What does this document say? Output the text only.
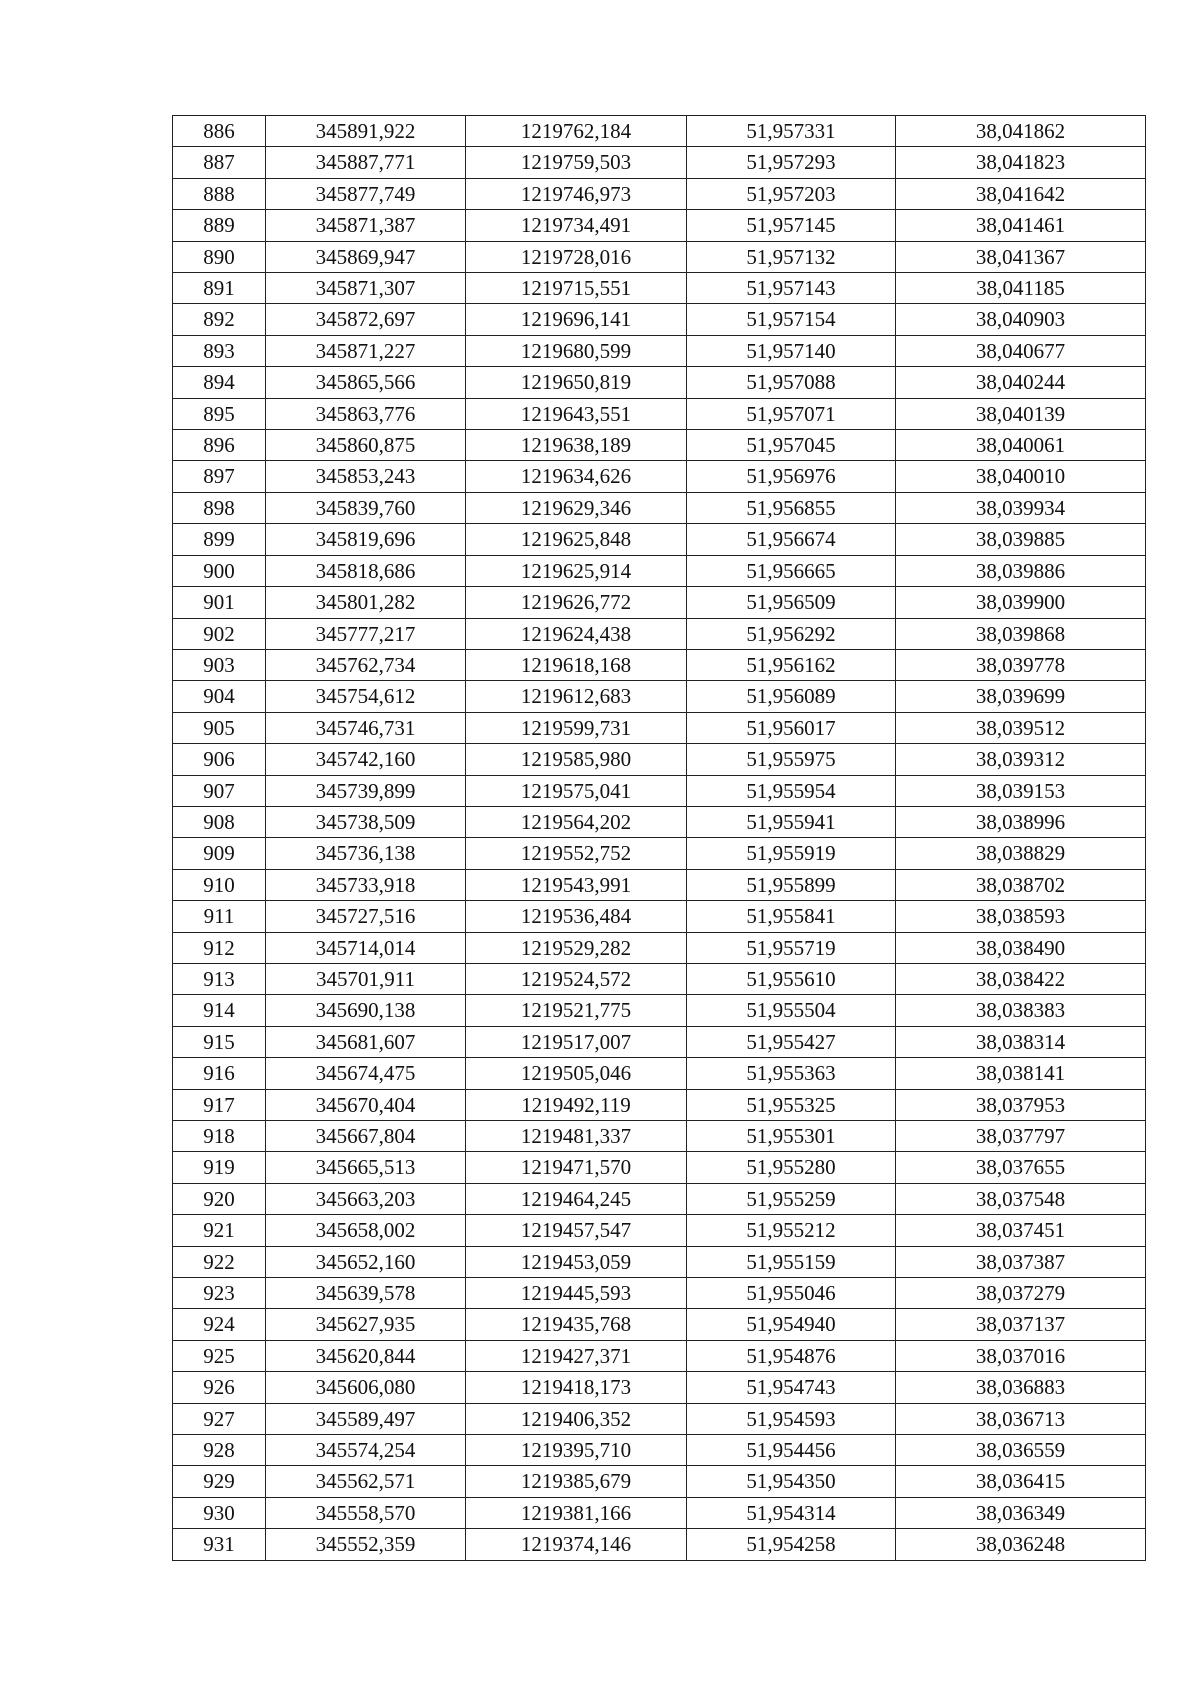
886	345891,922	1219762,184	51,957331	38,041862
887	345887,771	1219759,503	51,957293	38,041823
888	345877,749	1219746,973	51,957203	38,041642
889	345871,387	1219734,491	51,957145	38,041461
890	345869,947	1219728,016	51,957132	38,041367
891	345871,307	1219715,551	51,957143	38,041185
892	345872,697	1219696,141	51,957154	38,040903
893	345871,227	1219680,599	51,957140	38,040677
894	345865,566	1219650,819	51,957088	38,040244
895	345863,776	1219643,551	51,957071	38,040139
896	345860,875	1219638,189	51,957045	38,040061
897	345853,243	1219634,626	51,956976	38,040010
898	345839,760	1219629,346	51,956855	38,039934
899	345819,696	1219625,848	51,956674	38,039885
900	345818,686	1219625,914	51,956665	38,039886
901	345801,282	1219626,772	51,956509	38,039900
902	345777,217	1219624,438	51,956292	38,039868
903	345762,734	1219618,168	51,956162	38,039778
904	345754,612	1219612,683	51,956089	38,039699
905	345746,731	1219599,731	51,956017	38,039512
906	345742,160	1219585,980	51,955975	38,039312
907	345739,899	1219575,041	51,955954	38,039153
908	345738,509	1219564,202	51,955941	38,038996
909	345736,138	1219552,752	51,955919	38,038829
910	345733,918	1219543,991	51,955899	38,038702
911	345727,516	1219536,484	51,955841	38,038593
912	345714,014	1219529,282	51,955719	38,038490
913	345701,911	1219524,572	51,955610	38,038422
914	345690,138	1219521,775	51,955504	38,038383
915	345681,607	1219517,007	51,955427	38,038314
916	345674,475	1219505,046	51,955363	38,038141
917	345670,404	1219492,119	51,955325	38,037953
918	345667,804	1219481,337	51,955301	38,037797
919	345665,513	1219471,570	51,955280	38,037655
920	345663,203	1219464,245	51,955259	38,037548
921	345658,002	1219457,547	51,955212	38,037451
922	345652,160	1219453,059	51,955159	38,037387
923	345639,578	1219445,593	51,955046	38,037279
924	345627,935	1219435,768	51,954940	38,037137
925	345620,844	1219427,371	51,954876	38,037016
926	345606,080	1219418,173	51,954743	38,036883
927	345589,497	1219406,352	51,954593	38,036713
928	345574,254	1219395,710	51,954456	38,036559
929	345562,571	1219385,679	51,954350	38,036415
930	345558,570	1219381,166	51,954314	38,036349
931	345552,359	1219374,146	51,954258	38,036248
